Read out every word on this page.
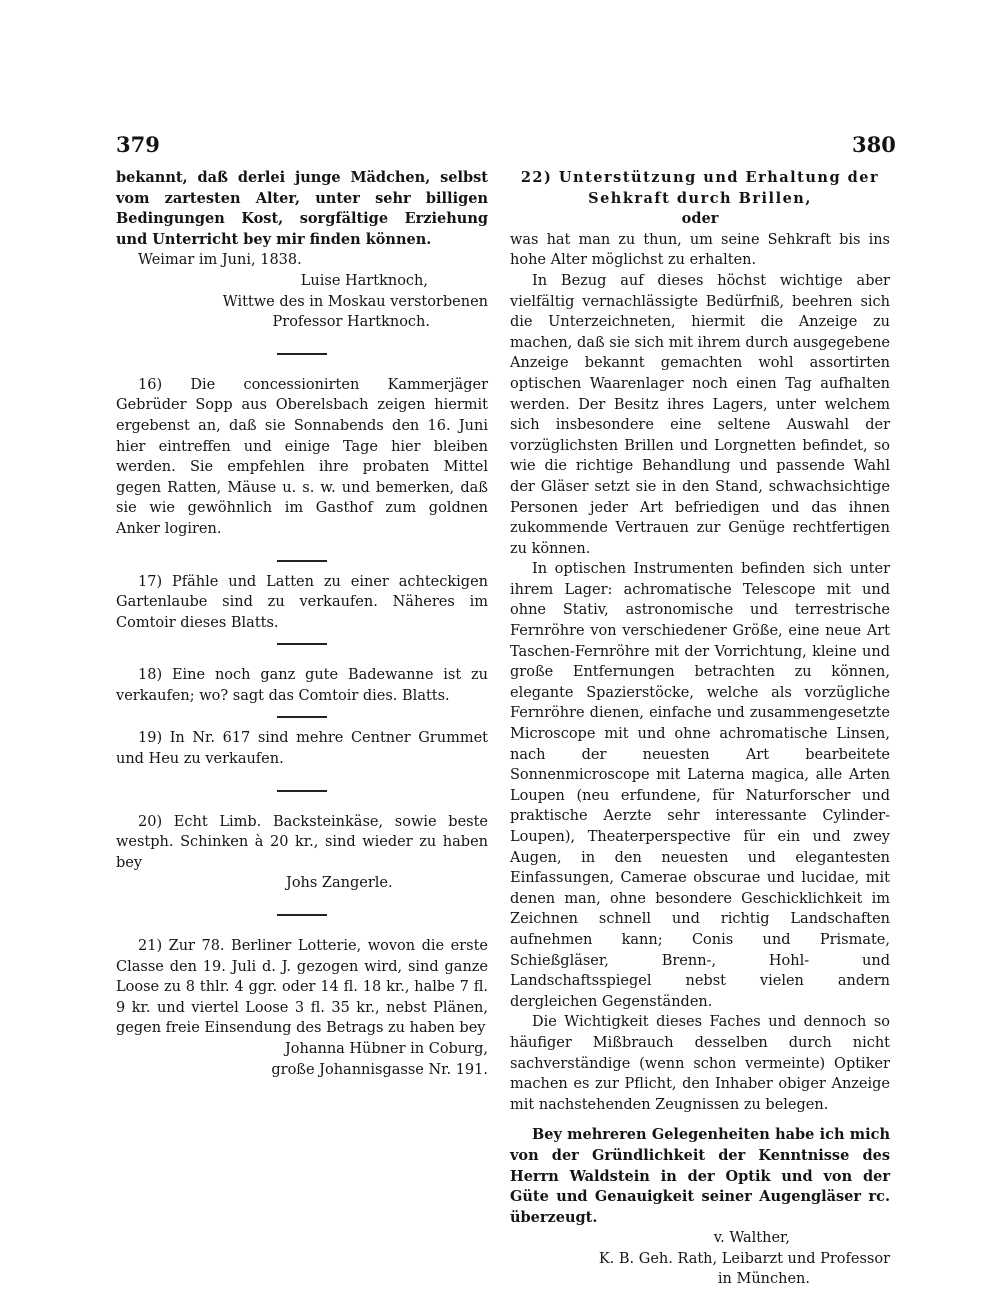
379	380

bekannt, daß derlei junge Mädchen, selbst vom zartesten Alter, unter sehr billigen Bedingungen Kost, sorgfältige Erziehung und Unterricht bey mir finden können.

Weimar im Juni, 1838.

Luise Hartknoch,

Wittwe des in Moskau verstorbenen

Professor Hartknoch.

16) Die concessionirten Kammerjäger Gebrüder Sopp aus Oberelsbach zeigen hiermit ergebenst an, daß sie Sonnabends den 16. Juni hier eintreffen und einige Tage hier bleiben werden. Sie empfehlen ihre probaten Mittel gegen Ratten, Mäuse u. s. w. und bemerken, daß sie wie gewöhnlich im Gasthof zum goldnen Anker logiren.

17) Pfähle und Latten zu einer achteckigen Gartenlaube sind zu verkaufen. Näheres im Comtoir dieses Blatts.

18) Eine noch ganz gute Badewanne ist zu verkaufen; wo? sagt das Comtoir dies. Blatts.

19) In Nr. 617 sind mehre Centner Grummet und Heu zu verkaufen.

20) Echt Limb. Backsteinkäse, sowie beste westph. Schinken à 20 kr., sind wieder zu haben bey

Johs Zangerle.

21) Zur 78. Berliner Lotterie, wovon die erste Classe den 19. Juli d. J. gezogen wird, sind ganze Loose zu 8 thlr. 4 ggr. oder 14 fl. 18 kr., halbe 7 fl. 9 kr. und viertel Loose 3 fl. 35 kr., nebst Plänen, gegen freie Einsendung des Betrags zu haben bey

Johanna Hübner in Coburg,

große Johannisgasse Nr. 191.

22) Unterstützung und Erhaltung der

Sehkraft durch Brillen,

oder

was hat man zu thun, um seine Sehkraft bis ins hohe Alter möglichst zu erhalten.

In Bezug auf dieses höchst wichtige aber vielfältig vernachlässigte Bedürfniß, beehren sich die Unterzeichneten, hiermit die Anzeige zu machen, daß sie sich mit ihrem durch ausgegebene Anzeige bekannt gemachten wohl assortirten optischen Waarenlager noch einen Tag aufhalten werden. Der Besitz ihres Lagers, unter welchem sich insbesondere eine seltene Auswahl der vorzüglichsten Brillen und Lorgnetten befindet, so wie die richtige Behandlung und passende Wahl der Gläser setzt sie in den Stand, schwachsichtige Personen jeder Art befriedigen und das ihnen zukommende Vertrauen zur Genüge rechtfertigen zu können.

In optischen Instrumenten befinden sich unter ihrem Lager: achromatische Telescope mit und ohne Stativ, astronomische und terrestrische Fernröhre von verschiedener Größe, eine neue Art Taschen-Fernröhre mit der Vorrichtung, kleine und große Entfernungen betrachten zu können, elegante Spazierstöcke, welche als vorzügliche Fernröhre dienen, einfache und zusammengesetzte Microscope mit und ohne achromatische Linsen, nach der neuesten Art bearbeitete Sonnenmicroscope mit Laterna magica, alle Arten Loupen (neu erfundene, für Naturforscher und praktische Aerzte sehr interessante Cylinder-Loupen), Theaterperspective für ein und zwey Augen, in den neuesten und elegantesten Einfassungen, Camerae obscurae und lucidae, mit denen man, ohne besondere Geschicklichkeit im Zeichnen schnell und richtig Landschaften aufnehmen kann; Conis und Prismate, Schießgläser, Brenn-, Hohl- und Landschaftsspiegel nebst vielen andern dergleichen Gegenständen.

Die Wichtigkeit dieses Faches und dennoch so häufiger Mißbrauch desselben durch nicht sachverständige (wenn schon vermeinte) Optiker machen es zur Pflicht, den Inhaber obiger Anzeige mit nachstehenden Zeugnissen zu belegen.

Bey mehreren Gelegenheiten habe ich mich von der Gründlichkeit der Kenntnisse des Herrn Waldstein in der Optik und von der Güte und Genauigkeit seiner Augengläser rc. überzeugt.

v. Walther,

K. B. Geh. Rath, Leibarzt und Professor

in München.
